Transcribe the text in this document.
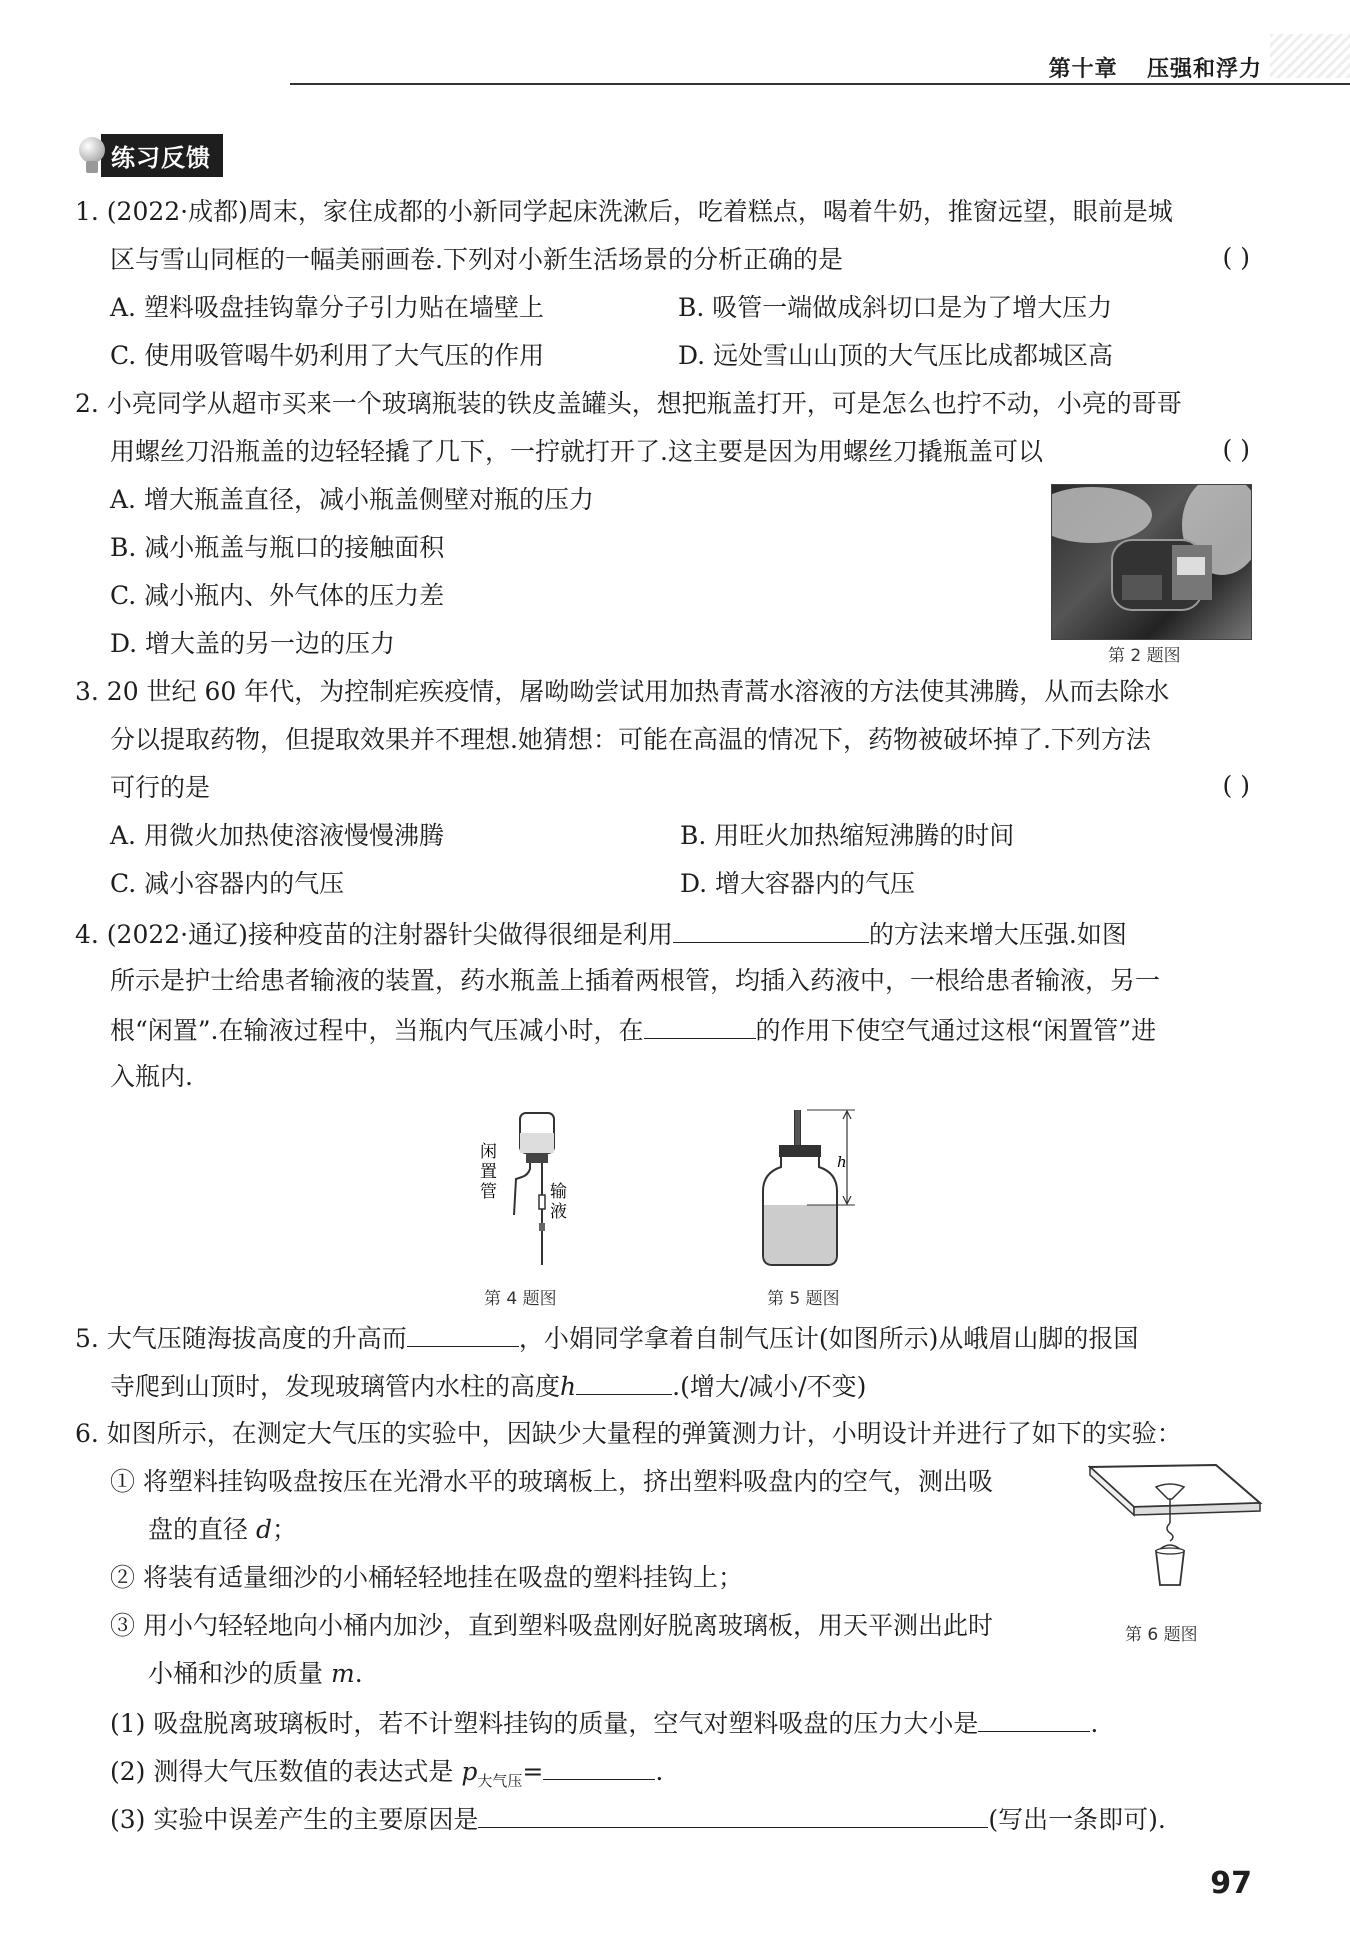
第十章 压强和浮力
练习反馈
1. (2022·成都)周末，家住成都的小新同学起床洗漱后，吃着糕点，喝着牛奶，推窗远望，眼前是城
区与雪山同框的一幅美丽画卷.下列对小新生活场景的分析正确的是	( )
A. 塑料吸盘挂钩靠分子引力贴在墙壁上	B. 吸管一端做成斜切口是为了增大压力
C. 使用吸管喝牛奶利用了大气压的作用	D. 远处雪山山顶的大气压比成都城区高
2. 小亮同学从超市买来一个玻璃瓶装的铁皮盖罐头，想把瓶盖打开，可是怎么也拧不动，小亮的哥哥
用螺丝刀沿瓶盖的边轻轻撬了几下，一拧就打开了.这主要是因为用螺丝刀撬瓶盖可以	( )
A. 增大瓶盖直径，减小瓶盖侧壁对瓶的压力
B. 减小瓶盖与瓶口的接触面积
C. 减小瓶内、外气体的压力差
D. 增大盖的另一边的压力	第 2 题图
3. 20 世纪 60 年代，为控制疟疾疫情，屠呦呦尝试用加热青蒿水溶液的方法使其沸腾，从而去除水
分以提取药物，但提取效果并不理想.她猜想：可能在高温的情况下，药物被破坏掉了.下列方法
可行的是	( )
A. 用微火加热使溶液慢慢沸腾	B. 用旺火加热缩短沸腾的时间
C. 减小容器内的气压	D. 增大容器内的气压
4. (2022·通辽)接种疫苗的注射器针尖做得很细是利用	的方法来增大压强.如图
所示是护士给患者输液的装置，药水瓶盖上插着两根管，均插入药液中，一根给患者输液，另一
根“闲置”.在输液过程中，当瓶内气压减小时，在	的作用下使空气通过这根“闲置管”进
入瓶内.
闲
置
管	输
液
第 4 题图
h
第 5 题图
5. 大气压随海拔高度的升高而	，小娟同学拿着自制气压计(如图所示)从峨眉山脚的报国
寺爬到山顶时，发现玻璃管内水柱的高度h	.(增大/减小/不变)
6. 如图所示，在测定大气压的实验中，因缺少大量程的弹簧测力计，小明设计并进行了如下的实验：
① 将塑料挂钩吸盘按压在光滑水平的玻璃板上，挤出塑料吸盘内的空气，测出吸
盘的直径 d；
② 将装有适量细沙的小桶轻轻地挂在吸盘的塑料挂钩上；
③ 用小勺轻轻地向小桶内加沙，直到塑料吸盘刚好脱离玻璃板，用天平测出此时
小桶和沙的质量 m.
(1) 吸盘脱离玻璃板时，若不计塑料挂钩的质量，空气对塑料吸盘的压力大小是	.
(2) 测得大气压数值的表达式是 $p_{大气压}=$	.
(3) 实验中误差产生的主要原因是	(写出一条即可).
第 6 题图
97
